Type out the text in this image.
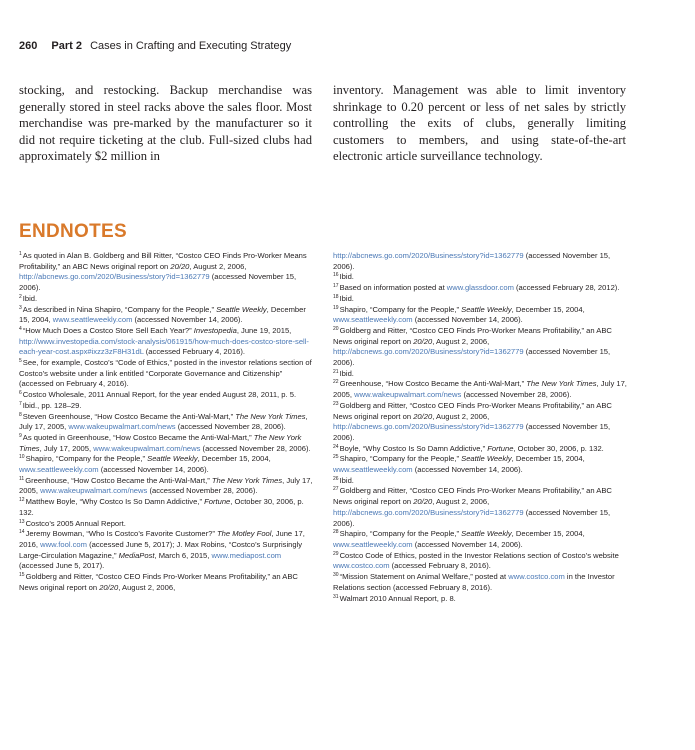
260 Part 2 Cases in Crafting and Executing Strategy

stocking, and restocking. Backup merchandise was generally stored in steel racks above the sales floor. Most merchandise was pre-marked by the manufacturer so it did not require ticketing at the club. Full-sized clubs had approximately $2 million in

inventory. Management was able to limit inventory shrinkage to 0.20 percent or less of net sales by strictly controlling the exits of clubs, generally limiting customers to members, and using state-of-the-art electronic article surveillance technology.

ENDNOTES

$^1$As quoted in Alan B. Goldberg and Bill Ritter, “Costco CEO Finds Pro-Worker Means Profitability,” an ABC News original report on 20/20, August 2, 2006, http://abcnews.go.com/2020/Business/story?id=1362779 (accessed November 15, 2006).

$^2$Ibid.

$^3$As described in Nina Shapiro, “Company for the People,” Seattle Weekly, December 15, 2004, www.seattleweekly.com (accessed November 14, 2006).

$^4$“How Much Does a Costco Store Sell Each Year?” Investopedia, June 19, 2015, http://www.investopedia.com/stock-analysis/061915/how-much-does-costco-store-sell-each-year-cost.aspx#ixzz3zF8H31dL (accessed February 4, 2016).

$^5$See, for example, Costco’s “Code of Ethics,” posted in the investor relations section of Costco’s website under a link entitled “Corporate Governance and Citizenship” (accessed on February 4, 2016).

$^6$Costco Wholesale, 2011 Annual Report, for the year ended August 28, 2011, p. 5.

$^7$Ibid., pp. 128–29.

$^8$Steven Greenhouse, “How Costco Became the Anti-Wal-Mart,” The New York Times, July 17, 2005, www.wakeupwalmart.com/news (accessed November 28, 2006).

$^9$As quoted in Greenhouse, “How Costco Became the Anti-Wal-Mart,” The New York Times, July 17, 2005, www.wakeupwalmart.com/news (accessed November 28, 2006).

$^{10}$Shapiro, “Company for the People,” Seattle Weekly, December 15, 2004, www.seattleweekly.com (accessed November 14, 2006).

$^{11}$Greenhouse, “How Costco Became the Anti-Wal-Mart,” The New York Times, July 17, 2005, www.wakeupwalmart.com/news (accessed November 28, 2006).

$^{12}$Matthew Boyle, “Why Costco Is So Damn Addictive,” Fortune, October 30, 2006, p. 132.

$^{13}$Costco’s 2005 Annual Report.

$^{14}$Jeremy Bowman, “Who Is Costco’s Favorite Customer?” The Motley Fool, June 17, 2016, www.fool.com (accessed June 5, 2017); J. Max Robins, “Costco’s Surprisingly Large-Circulation Magazine,” MediaPost, March 6, 2015, www.mediapost.com (accessed June 5, 2017).

$^{15}$Goldberg and Ritter, “Costco CEO Finds Pro-Worker Means Profitability,” an ABC News original report on 20/20, August 2, 2006,

http://abcnews.go.com/2020/Business/story?id=1362779 (accessed November 15, 2006).

$^{16}$Ibid.

$^{17}$Based on information posted at www.glassdoor.com (accessed February 28, 2012).

$^{18}$Ibid.

$^{19}$Shapiro, “Company for the People,” Seattle Weekly, December 15, 2004, www.seattleweekly.com (accessed November 14, 2006).

$^{20}$Goldberg and Ritter, “Costco CEO Finds Pro-Worker Means Profitability,” an ABC News original report on 20/20, August 2, 2006, http://abcnews.go.com/2020/Business/story?id=1362779 (accessed November 15, 2006).

$^{21}$Ibid.

$^{22}$Greenhouse, “How Costco Became the Anti-Wal-Mart,” The New York Times, July 17, 2005, www.wakeupwalmart.com/news (accessed November 28, 2006).

$^{23}$Goldberg and Ritter, “Costco CEO Finds Pro-Worker Means Profitability,” an ABC News original report on 20/20, August 2, 2006, http://abcnews.go.com/2020/Business/story?id=1362779 (accessed November 15, 2006).

$^{24}$Boyle, “Why Costco Is So Damn Addictive,” Fortune, October 30, 2006, p. 132.

$^{25}$Shapiro, “Company for the People,” Seattle Weekly, December 15, 2004, www.seattleweekly.com (accessed November 14, 2006).

$^{26}$Ibid.

$^{27}$Goldberg and Ritter, “Costco CEO Finds Pro-Worker Means Profitability,” an ABC News original report on 20/20, August 2, 2006, http://abcnews.go.com/2020/Business/story?id=1362779 (accessed November 15, 2006).

$^{28}$Shapiro, “Company for the People,” Seattle Weekly, December 15, 2004, www.seattleweekly.com (accessed November 14, 2006).

$^{29}$Costco Code of Ethics, posted in the Investor Relations section of Costco’s website www.costco.com (accessed February 8, 2016).

$^{30}$“Mission Statement on Animal Welfare,” posted at www.costco.com in the Investor Relations section (accessed February 8, 2016).

$^{31}$Walmart 2010 Annual Report, p. 8.
